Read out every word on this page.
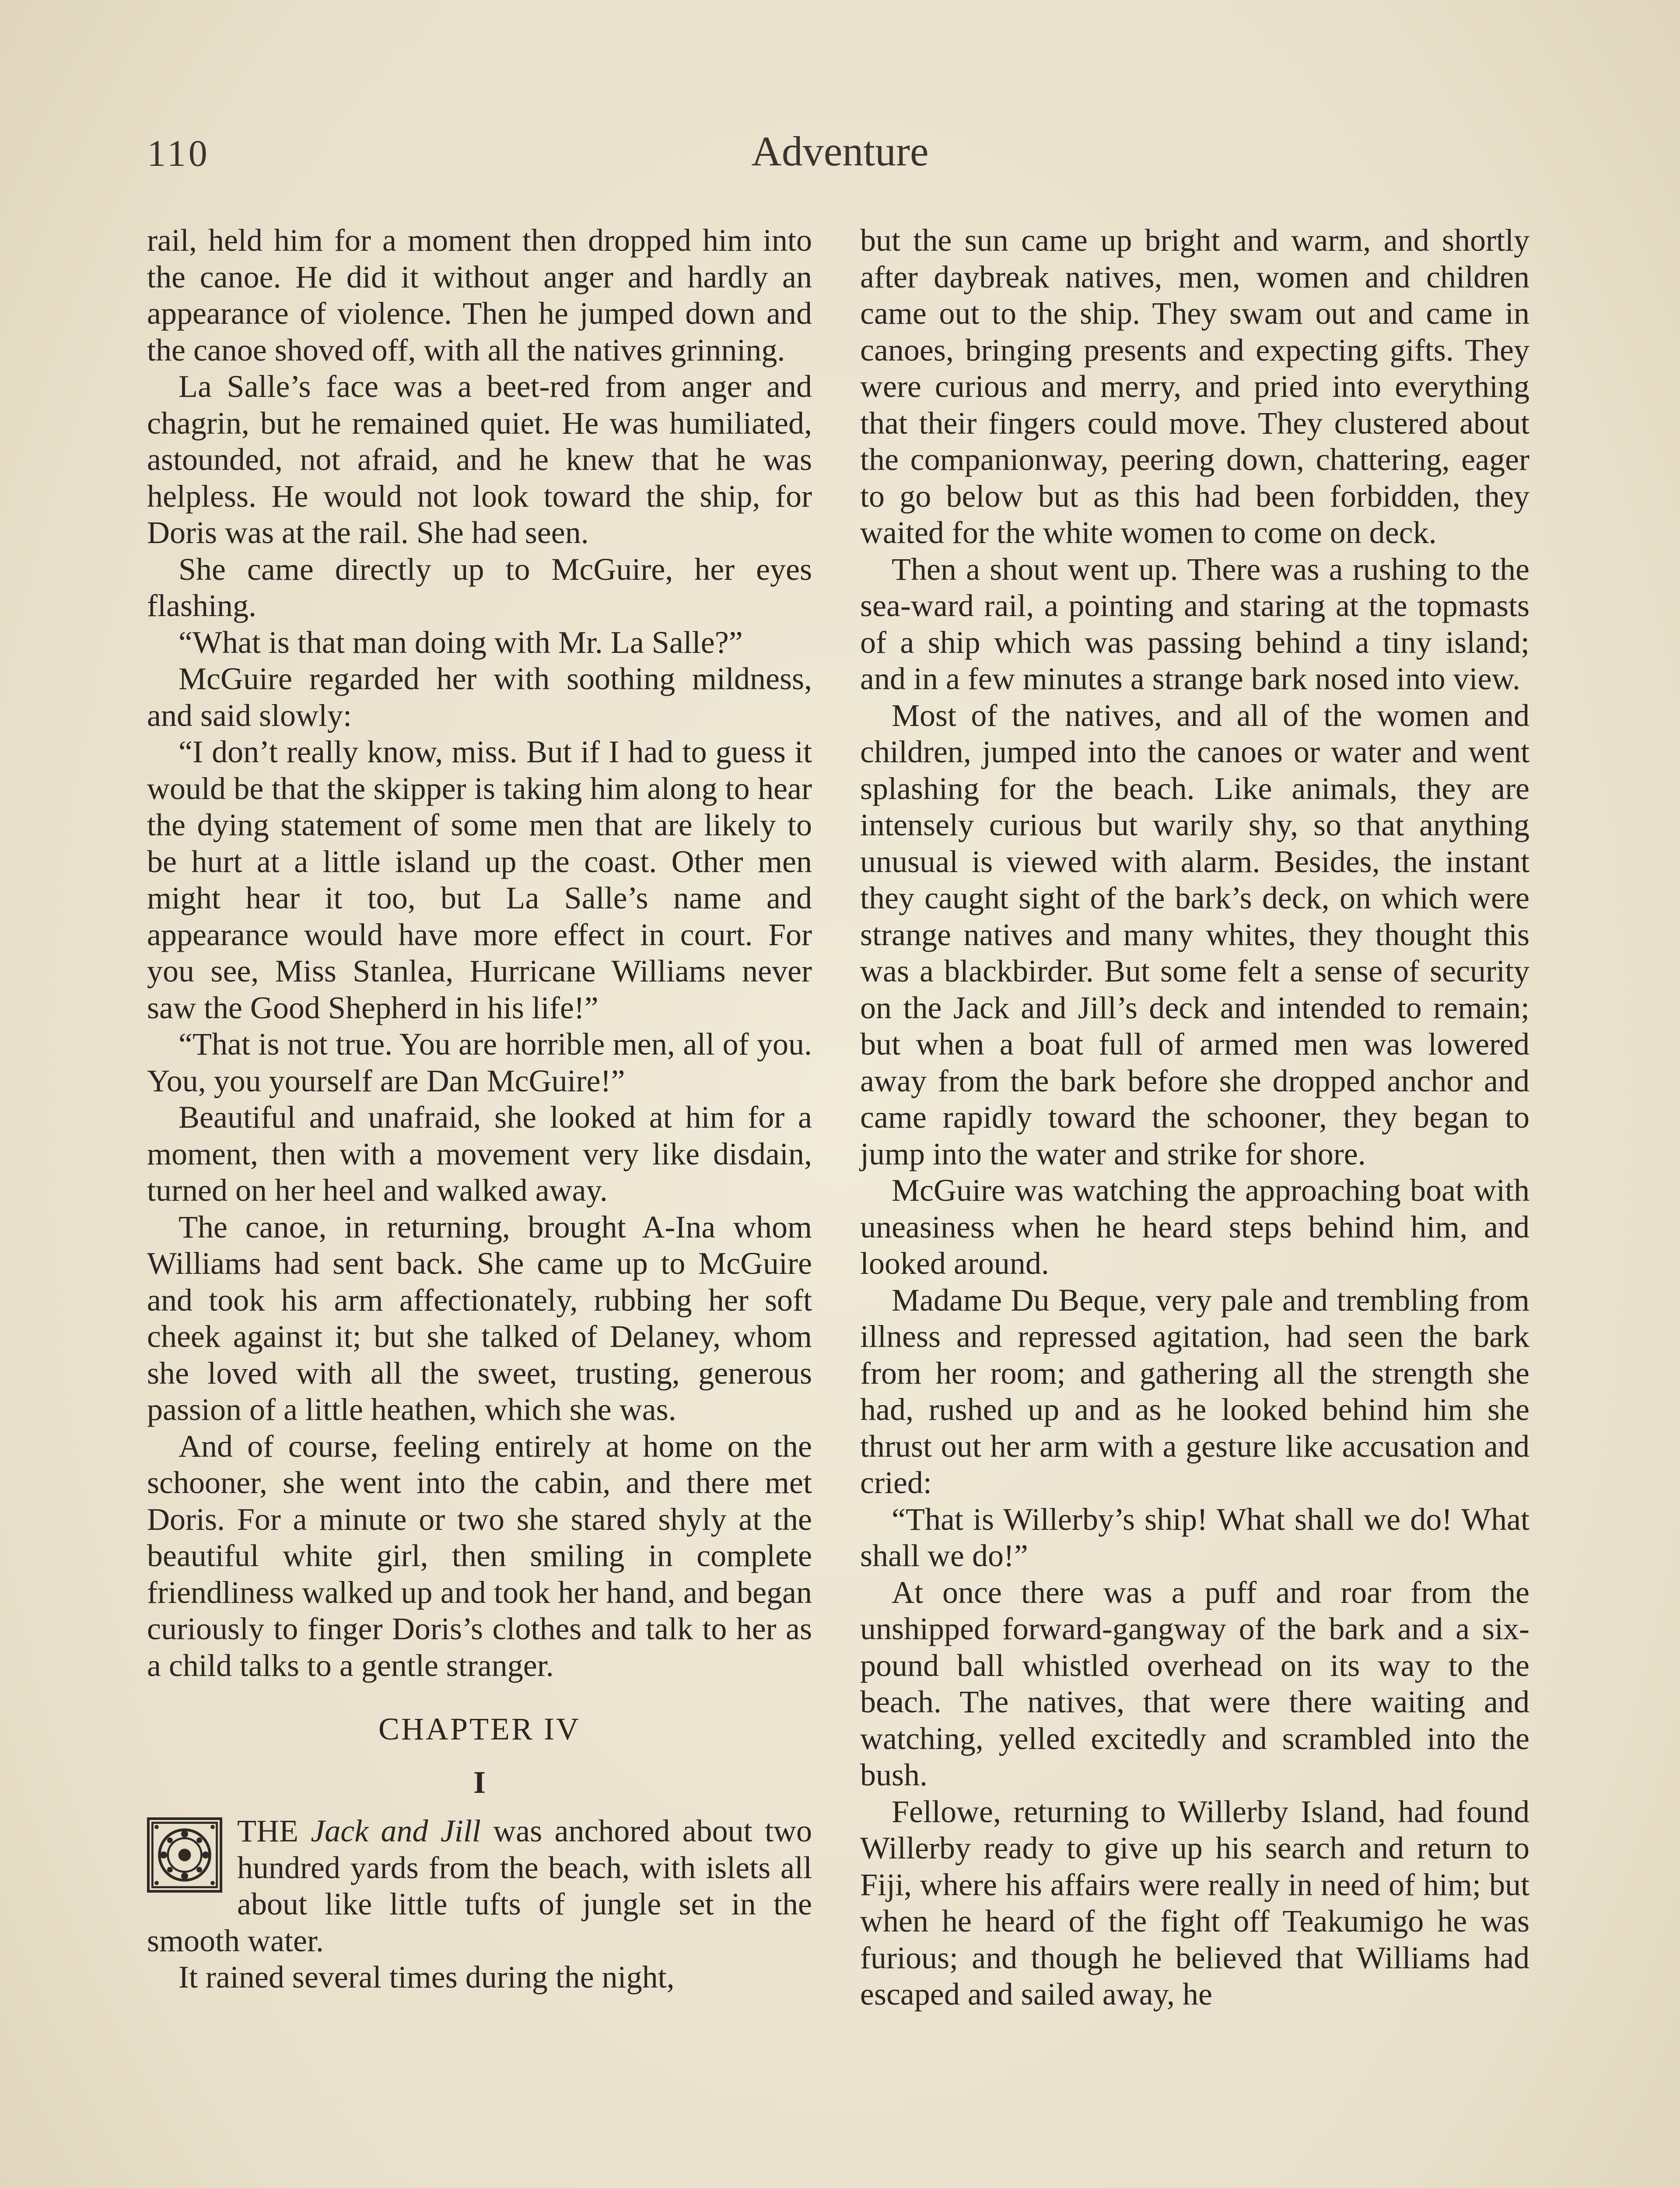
110	Adventure

rail, held him for a moment then dropped him into the canoe. He did it without anger and hardly an appearance of violence. Then he jumped down and the canoe shoved off, with all the natives grinning.

La Salle’s face was a beet-red from anger and chagrin, but he remained quiet. He was humiliated, astounded, not afraid, and he knew that he was helpless. He would not look toward the ship, for Doris was at the rail. She had seen.

She came directly up to McGuire, her eyes flashing.

“What is that man doing with Mr. La Salle?”

McGuire regarded her with soothing mildness, and said slowly:

“I don’t really know, miss. But if I had to guess it would be that the skipper is taking him along to hear the dying statement of some men that are likely to be hurt at a little island up the coast. Other men might hear it too, but La Salle’s name and appearance would have more effect in court. For you see, Miss Stanlea, Hurricane Williams never saw the Good Shepherd in his life!”

“That is not true. You are horrible men, all of you. You, you yourself are Dan McGuire!”

Beautiful and unafraid, she looked at him for a moment, then with a movement very like disdain, turned on her heel and walked away.

The canoe, in returning, brought A-Ina whom Williams had sent back. She came up to McGuire and took his arm affectionately, rubbing her soft cheek against it; but she talked of Delaney, whom she loved with all the sweet, trusting, generous passion of a little heathen, which she was.

And of course, feeling entirely at home on the schooner, she went into the cabin, and there met Doris. For a minute or two she stared shyly at the beautiful white girl, then smiling in complete friendliness walked up and took her hand, and began curiously to finger Doris’s clothes and talk to her as a child talks to a gentle stranger.

CHAPTER IV

I

THE Jack and Jill was anchored about two hundred yards from the beach, with islets all about like little tufts of jungle set in the smooth water.

It rained several times during the night,

but the sun came up bright and warm, and shortly after daybreak natives, men, women and children came out to the ship. They swam out and came in canoes, bringing presents and expecting gifts. They were curious and merry, and pried into everything that their fingers could move. They clustered about the companionway, peering down, chattering, eager to go below but as this had been forbidden, they waited for the white women to come on deck.

Then a shout went up. There was a rushing to the sea-ward rail, a pointing and staring at the topmasts of a ship which was passing behind a tiny island; and in a few minutes a strange bark nosed into view.

Most of the natives, and all of the women and children, jumped into the canoes or water and went splashing for the beach. Like animals, they are intensely curious but warily shy, so that anything unusual is viewed with alarm. Besides, the instant they caught sight of the bark’s deck, on which were strange natives and many whites, they thought this was a blackbirder. But some felt a sense of security on the Jack and Jill’s deck and intended to remain; but when a boat full of armed men was lowered away from the bark before she dropped anchor and came rapidly toward the schooner, they began to jump into the water and strike for shore.

McGuire was watching the approaching boat with uneasiness when he heard steps behind him, and looked around.

Madame Du Beque, very pale and trembling from illness and repressed agitation, had seen the bark from her room; and gathering all the strength she had, rushed up and as he looked behind him she thrust out her arm with a gesture like accusation and cried:

“That is Willerby’s ship! What shall we do! What shall we do!”

At once there was a puff and roar from the unshipped forward-gangway of the bark and a six-pound ball whistled overhead on its way to the beach. The natives, that were there waiting and watching, yelled excitedly and scrambled into the bush.

Fellowe, returning to Willerby Island, had found Willerby ready to give up his search and return to Fiji, where his affairs were really in need of him; but when he heard of the fight off Teakumigo he was furious; and though he believed that Williams had escaped and sailed away, he
